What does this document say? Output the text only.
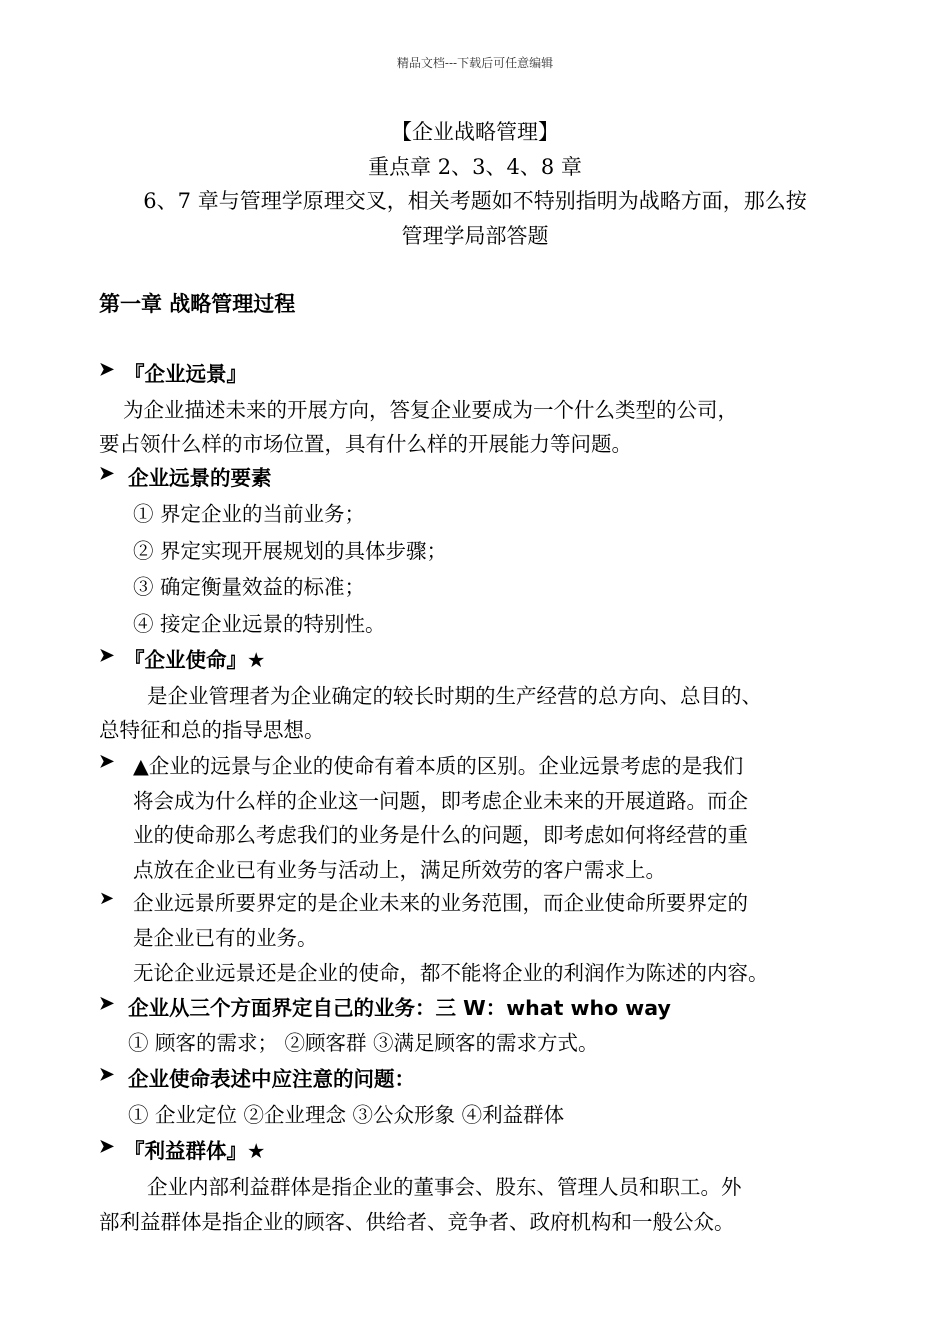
精品文档---下载后可任意编辑
【企业战略管理】
重点章 2、3、4、8 章
6、7 章与管理学原理交叉，相关考题如不特别指明为战略方面，那么按
管理学局部答题
第一章 战略管理过程
➤ 『企业远景』
为企业描述未来的开展方向，答复企业要成为一个什么类型的公司，
要占领什么样的市场位置，具有什么样的开展能力等问题。
➤ 企业远景的要素
① 界定企业的当前业务；
② 界定实现开展规划的具体步骤；
③ 确定衡量效益的标准；
④ 接定企业远景的特别性。
➤ 『企业使命』★
是企业管理者为企业确定的较长时期的生产经营的总方向、总目的、
总特征和总的指导思想。
➤ ▲企业的远景与企业的使命有着本质的区别。企业远景考虑的是我们
将会成为什么样的企业这一问题，即考虑企业未来的开展道路。而企
业的使命那么考虑我们的业务是什么的问题，即考虑如何将经营的重
点放在企业已有业务与活动上，满足所效劳的客户需求上。
➤ 企业远景所要界定的是企业未来的业务范围，而企业使命所要界定的
是企业已有的业务。
无论企业远景还是企业的使命，都不能将企业的利润作为陈述的内容。
➤ 企业从三个方面界定自己的业务：三 W：what who way
① 顾客的需求； ②顾客群 ③满足顾客的需求方式。
➤ 企业使命表述中应注意的问题：
① 企业定位 ②企业理念 ③公众形象 ④利益群体
➤ 『利益群体』★
企业内部利益群体是指企业的董事会、股东、管理人员和职工。外
部利益群体是指企业的顾客、供给者、竞争者、政府机构和一般公众。
